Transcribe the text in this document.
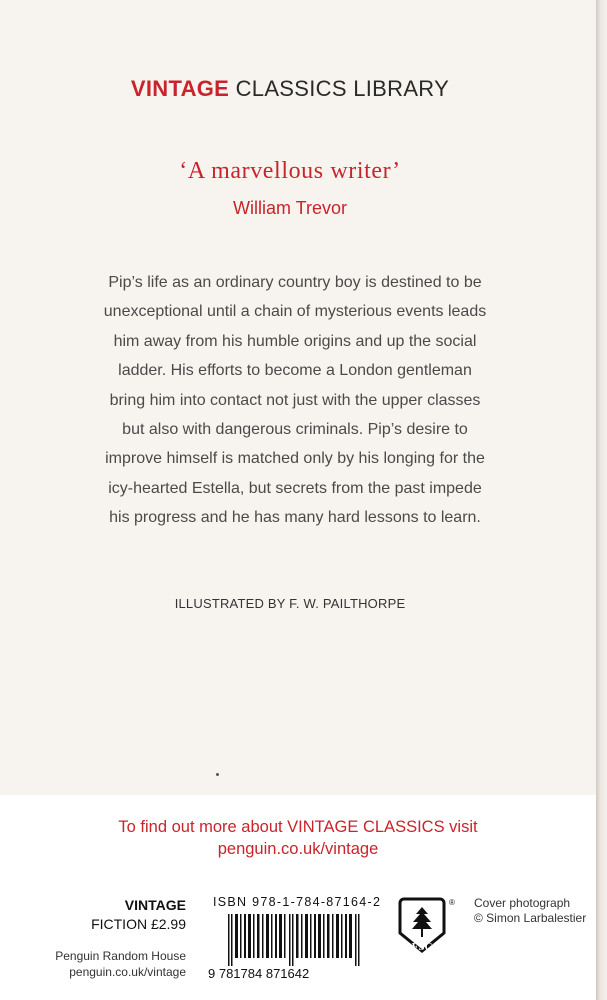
VINTAGE CLASSICS LIBRARY
‘A marvellous writer’
William Trevor
Pip’s life as an ordinary country boy is destined to be
unexceptional until a chain of mysterious events leads
him away from his humble origins and up the social
ladder. His efforts to become a London gentleman
bring him into contact not just with the upper classes
but also with dangerous criminals. Pip’s desire to
improve himself is matched only by his longing for the
icy-hearted Estella, but secrets from the past impede
his progress and he has many hard lessons to learn.
ILLUSTRATED BY F. W. PAILTHORPE
To find out more about VINTAGE CLASSICS visit
penguin.co.uk/vintage
VINTAGE
FICTION £2.99
Penguin Random House
penguin.co.uk/vintage
ISBN 978-1-784-87164-2
9 781784 871642
FSC
® Cover photograph
© Simon Larbalestier
